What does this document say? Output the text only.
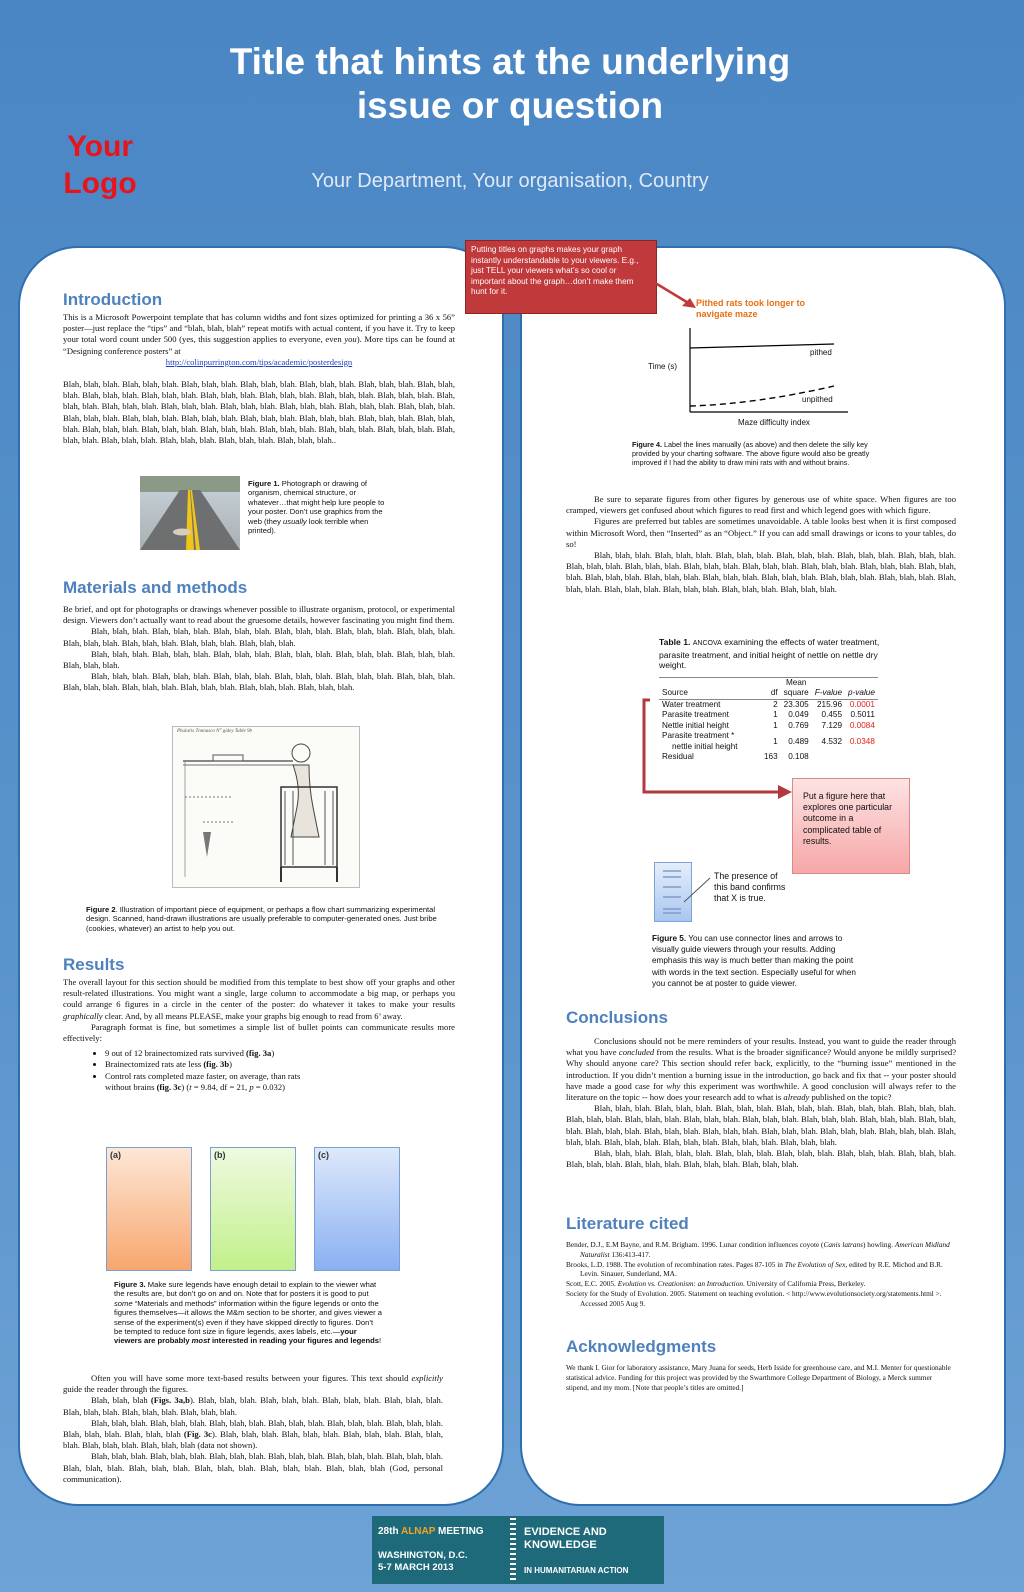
Title that hints at the underlying
issue or question
Your
Logo	Your Department, Your organisation, Country
Introduction

This is a Microsoft Powerpoint template that has column widths and font sizes optimized for printing a 36 x 56” poster—just replace the “tips” and “blah, blah, blah” repeat motifs with actual content, if you have it. Try to keep your total word count under 500 (yes, this suggestion applies to everyone, even you). More tips can be found at “Designing conference posters” at

http://colinpurrington.com/tips/academic/posterdesign

Blah, blah, blah. Blah, blah, blah. Blah, blah, blah. Blah, blah, blah. Blah, blah, blah. Blah, blah, blah. Blah, blah, blah. Blah, blah, blah. Blah, blah, blah. Blah, blah, blah. Blah, blah, blah. Blah, blah, blah. Blah, blah, blah. Blah, blah, blah. Blah, blah, blah. Blah, blah, blah. Blah, blah, blah. Blah, blah, blah. Blah, blah, blah. Blah, blah, blah. Blah, blah, blah. Blah, blah, blah. Blah, blah, blah. Blah, blah, blah. Blah, blah, blah. Blah, blah, blah. Blah, blah, blah. Blah, blah, blah. Blah, blah, blah. Blah, blah, blah. Blah, blah, blah. Blah, blah, blah. Blah, blah, blah. Blah, blah, blah. Blah, blah, blah. Blah, blah, blah. Blah, blah, blah. Blah, blah, blah..

Figure 1. Photograph or drawing of organism, chemical structure, or whatever…that might help lure people to your poster. Don’t use graphics from the web (they usually look terrible when printed).
Materials and methods

Be brief, and opt for photographs or drawings whenever possible to illustrate organism, protocol, or experimental design. Viewers don’t actually want to read about the gruesome details, however fascinating you might find them.

Blah, blah, blah. Blah, blah, blah. Blah, blah, blah. Blah, blah, blah. Blah, blah, blah. Blah, blah, blah. Blah, blah, blah. Blah, blah, blah. Blah, blah, blah. Blah, blah, blah.

Blah, blah, blah. Blah, blah, blah. Blah, blah, blah. Blah, blah, blah. Blah, blah, blah. Blah, blah, blah. Blah, blah, blah.

Blah, blah, blah. Blah, blah, blah. Blah, blah, blah. Blah, blah, blah. Blah, blah, blah. Blah, blah, blah. Blah, blah, blah. Blah, blah, blah. Blah, blah, blah. Blah, blah, blah. Blah, blah, blah.

Phalaris Tnnnasco N° gidey Table 9b
Figure 2. Illustration of important piece of equipment, or perhaps a flow chart summarizing experimental design. Scanned, hand-drawn illustrations are usually preferable to computer-generated ones. Just bribe (cookies, whatever) an artist to help you out.
Results

The overall layout for this section should be modified from this template to best show off your graphs and other result-related illustrations. You might want a single, large column to accommodate a big map, or perhaps you could arrange 6 figures in a circle in the center of the poster: do whatever it takes to make your results graphically clear. And, by all means PLEASE, make your graphs big enough to read from 6’ away.

Paragraph format is fine, but sometimes a simple list of bullet points can communicate results more effectively:

• 9 out of 12 brainectomized rats survived (fig. 3a)
• Brainectomized rats ate less (fig. 3b)
• Control rats completed maze faster, on average, than rats without brains (fig. 3c) (t = 9.84, df = 21, p = 0.032)
(a)	(b)	(c)
Figure 3. Make sure legends have enough detail to explain to the viewer what the results are, but don’t go on and on. Note that for posters it is good to put some “Materials and methods” information within the figure legends or onto the figures themselves—it allows the M&m section to be shorter, and gives viewer a sense of the experiment(s) even if they have skipped directly to figures. Don’t be tempted to reduce font size in figure legends, axes labels, etc.—your viewers are probably most interested in reading your figures and legends!

Often you will have some more text-based results between your figures. This text should explicitly guide the reader through the figures.

Blah, blah, blah (Figs. 3a,b). Blah, blah, blah. Blah, blah, blah. Blah, blah, blah. Blah, blah, blah. Blah, blah, blah. Blah, blah, blah. Blah, blah, blah.

Blah, blah, blah. Blah, blah, blah. Blah, blah, blah. Blah, blah, blah. Blah, blah, blah. Blah, blah, blah. Blah, blah, blah. Blah, blah, blah (Fig. 3c). Blah, blah, blah. Blah, blah, blah. Blah, blah, blah. Blah, blah, blah. Blah, blah, blah. Blah, blah, blah (data not shown).

Blah, blah, blah. Blah, blah, blah. Blah, blah, blah. Blah, blah, blah. Blah, blah, blah. Blah, blah, blah. Blah, blah, blah. Blah, blah, blah. Blah, blah, blah. Blah, blah, blah. Blah, blah, blah (God, personal communication).

Putting titles on graphs makes your graph instantly understandable to your viewers. E.g., just TELL your viewers what’s so cool or important about the graph…don’t make them hunt for it.
Pithed rats took longer to
navigate maze
Time (s)
pithed
unpithed
Maze difficulty index
Figure 4. Label the lines manually (as above) and then delete the silly key provided by your charting software. The above figure would also be greatly improved if I had the ability to draw mini rats with and without brains.

Be sure to separate figures from other figures by generous use of white space. When figures are too cramped, viewers get confused about which figures to read first and which legend goes with which figure.

Figures are preferred but tables are sometimes unavoidable. A table looks best when it is first composed within Microsoft Word, then “Inserted” as an “Object.” If you can add small drawings or icons to your tables, do so!

Blah, blah, blah. Blah, blah, blah. Blah, blah, blah. Blah, blah, blah. Blah, blah, blah. Blah, blah, blah. Blah, blah, blah. Blah, blah, blah. Blah, blah, blah. Blah, blah, blah. Blah, blah, blah. Blah, blah, blah. Blah, blah, blah. Blah, blah, blah. Blah, blah, blah. Blah, blah, blah. Blah, blah, blah. Blah, blah, blah. Blah, blah, blah. Blah, blah, blah. Blah, blah, blah. Blah, blah, blah. Blah, blah, blah. Blah, blah, blah.

Table 1. ANCOVA examining the effects of water treatment, parasite treatment, and initial height of nettle on nettle dry weight.
		Mean		
Source	df	square	F-value	p-value

Water treatment	2	23.305	215.96	0.0001

Parasite treatment	1	0.049	0.455	0.5011

Nettle initial height	1	0.769	7.129	0.0084

Parasite treatment *
nettle initial height	1	0.489	4.532	0.0348

Residual	163	0.108		
Put a figure here that explores one particular outcome in a complicated table of results.
The presence of this band confirms that X is true.
Figure 5. You can use connector lines and arrows to visually guide viewers through your results. Adding emphasis this way is much better than making the point with words in the text section. Especially useful for when you cannot be at poster to guide viewer.
Conclusions

Conclusions should not be mere reminders of your results. Instead, you want to guide the reader through what you have concluded from the results. What is the broader significance? Would anyone be mildly surprised? Why should anyone care? This section should refer back, explicitly, to the “burning issue” mentioned in the introduction. If you didn’t mention a burning issue in the introduction, go back and fix that -- your poster should have made a good case for why this experiment was worthwhile. A good conclusion will always refer to the literature on the topic -- how does your research add to what is already published on the topic?

Blah, blah, blah. Blah, blah, blah. Blah, blah, blah. Blah, blah, blah. Blah, blah, blah. Blah, blah, blah. Blah, blah, blah. Blah, blah, blah. Blah, blah, blah. Blah, blah, blah. Blah, blah, blah. Blah, blah, blah. Blah, blah, blah. Blah, blah, blah. Blah, blah, blah. Blah, blah, blah. Blah, blah, blah. Blah, blah, blah. Blah, blah, blah. Blah, blah, blah. Blah, blah, blah. Blah, blah, blah. Blah, blah, blah. Blah, blah, blah.

Blah, blah, blah. Blah, blah, blah. Blah, blah, blah. Blah, blah, blah. Blah, blah, blah. Blah, blah, blah. Blah, blah, blah. Blah, blah, blah. Blah, blah, blah. Blah, blah, blah.

Literature cited

Bender, D.J., E.M Bayne, and R.M. Brigham. 1996. Lunar condition influences coyote (Canis latrans) howling. American Midland Naturalist 136:413-417.

Brooks, L.D. 1988. The evolution of recombination rates. Pages 87-105 in The Evolution of Sex, edited by R.E. Michod and B.R. Levin. Sinauer, Sunderland, MA.

Scott, E.C. 2005. Evolution vs. Creationism: an Introduction. University of California Press, Berkeley.

Society for the Study of Evolution. 2005. Statement on teaching evolution. < http://www.evolutionsociety.org/statements.html >. Accessed 2005 Aug 9.

Acknowledgments
We thank I. Gior for laboratory assistance, Mary Juana for seeds, Herb Isside for greenhouse care, and M.I. Menter for questionable statistical advice. Funding for this project was provided by the Swarthmore College Department of Biology, a Merck summer stipend, and my mom. [Note that people’s titles are omitted.]
28th ALNAP MEETING
WASHINGTON, D.C.
5-7 MARCH 2013
EVIDENCE AND
KNOWLEDGE
IN HUMANITARIAN ACTION
